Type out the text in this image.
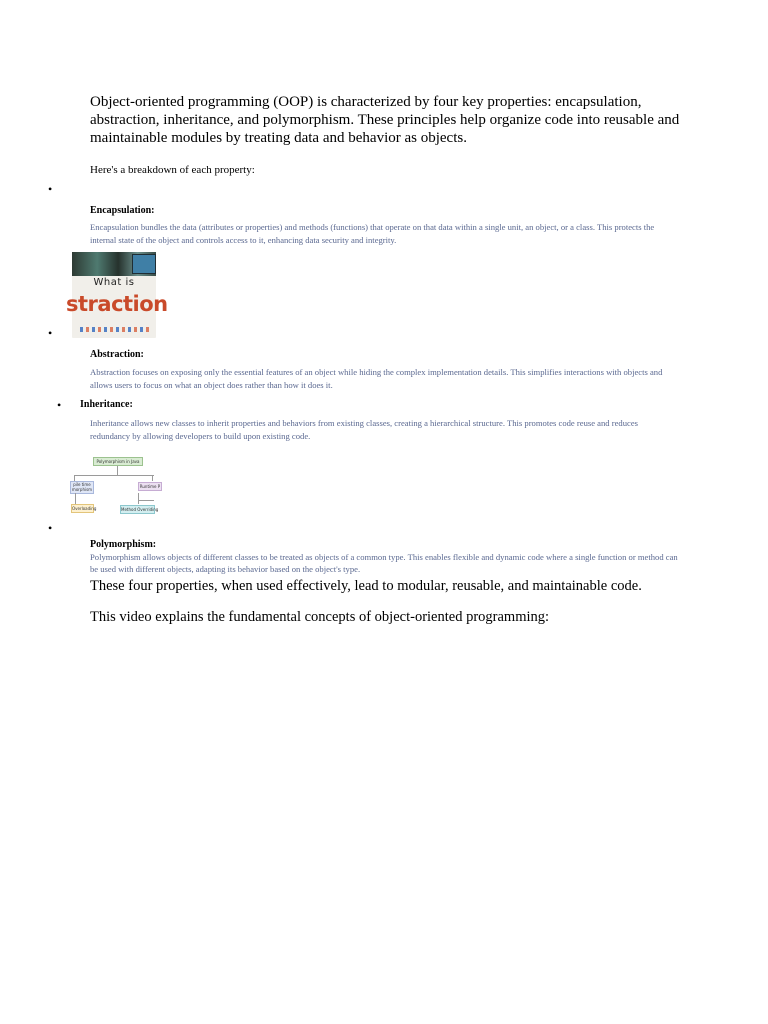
Object-oriented programming (OOP) is characterized by four key properties: encapsulation, abstraction, inheritance, and polymorphism. These principles help organize code into reusable and maintainable modules by treating data and behavior as objects.

Here's a breakdown of each property:

•

Encapsulation:

Encapsulation bundles the data (attributes or properties) and methods (functions) that operate on that data within a single unit, an object, or a class. This protects the internal state of the object and controls access to it, enhancing data security and integrity.

What is
straction
•

Abstraction:

Abstraction focuses on exposing only the essential features of an object while hiding the complex implementation details. This simplifies interactions with objects and allows users to focus on what an object does rather than how it does it.

• Inheritance:

Inheritance allows new classes to inherit properties and behaviors from existing classes, creating a hierarchical structure. This promotes code reuse and reduces redundancy by allowing developers to build upon existing code.

Polymorphism in Java
pile time
morphism	Runtime P
Overloading	Method Overriding
•

Polymorphism:

Polymorphism allows objects of different classes to be treated as objects of a common type. This enables flexible and dynamic code where a single function or method can be used with different objects, adapting its behavior based on the object's type.

These four properties, when used effectively, lead to modular, reusable, and maintainable code.

This video explains the fundamental concepts of object-oriented programming:
